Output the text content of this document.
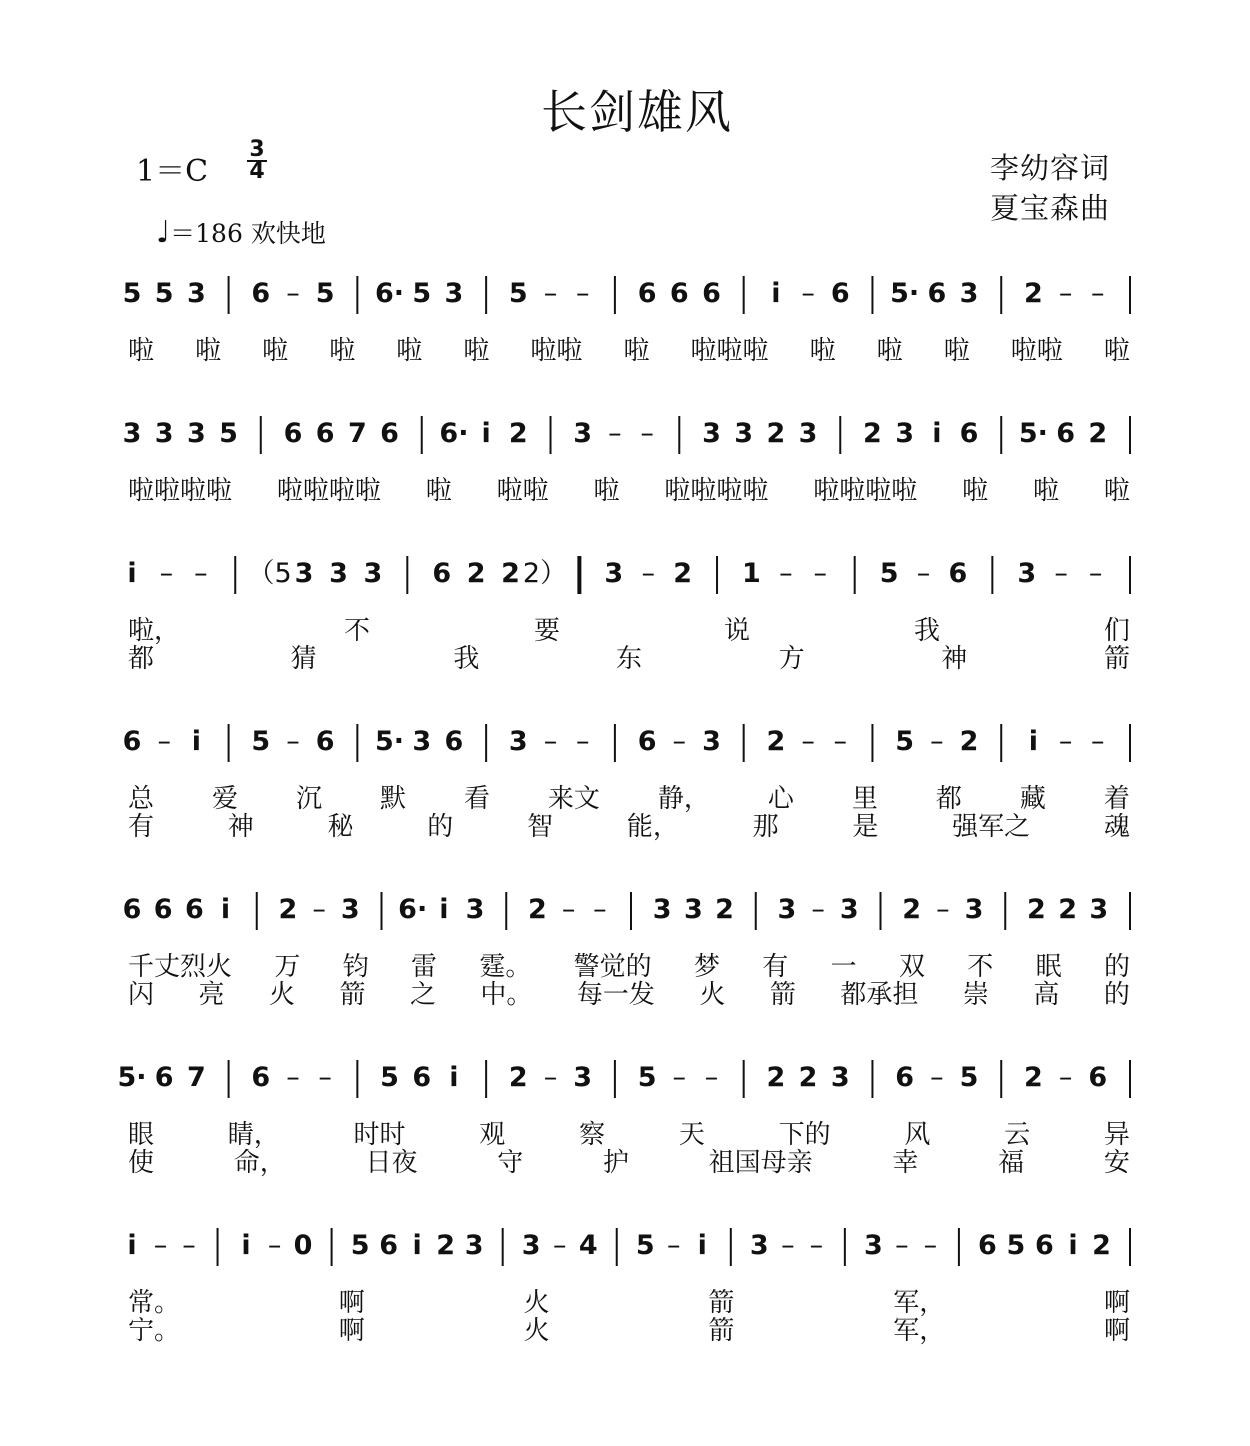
长剑雄风
1＝C
3
4	李幼容词
夏宝森曲
♩＝186 欢快地
5 5 3 6 – 5 6· 5 3 5 – – 6 6 6 i – 6 5· 6 3 2 – –
啦 啦 啦 啦 啦 啦 啦啦 啦 啦啦啦 啦 啦 啦 啦啦 啦
3 3 3 5 6 6 7 6 6· i 2 3 – – 3 3 2 3 2 3 i 6 5· 6 2
啦啦啦啦 啦啦啦啦 啦 啦啦 啦 啦啦啦啦 啦啦啦啦 啦 啦 啦
i – – （5 3 3 3 6 2 2 2） 3 – 2 1 – – 5 – 6 3 – –
啦，	不	要	说	我	们
都	猜	我	东	方	神	箭
6 – i 5 – 6 5· 3 6 3 – – 6 – 3 2 – – 5 – 2 i – –
总 爱 沉 默 看 来文 静， 心 里 都 藏 着
有	神	秘	的	智	能，	那	是	强军之	魂
6 6 6 i 2 – 3 6· i 3 2 – – 3 3 2 3 – 3 2 – 3 2 2 3
千丈烈火 万 钧 雷 霆。 警觉的 梦 有 一 双 不 眠 的
闪 亮 火 箭 之 中。 每一发 火 箭 都承担 崇 高 的
5· 6 7 6 – – 5 6 i 2 – 3 5 – – 2 2 3 6 – 5 2 – 6
眼	睛，	时时	观	察	天	下的	风	云	异
使	命，	日夜	守	护	祖国母亲	幸	福	安
i – – i – 0 5 6 i 2 3 3 – 4 5 – i 3 – – 3 – – 6 5 6 i 2
常。	啊	火	箭	军，	啊
宁。	啊	火	箭	军，	啊
